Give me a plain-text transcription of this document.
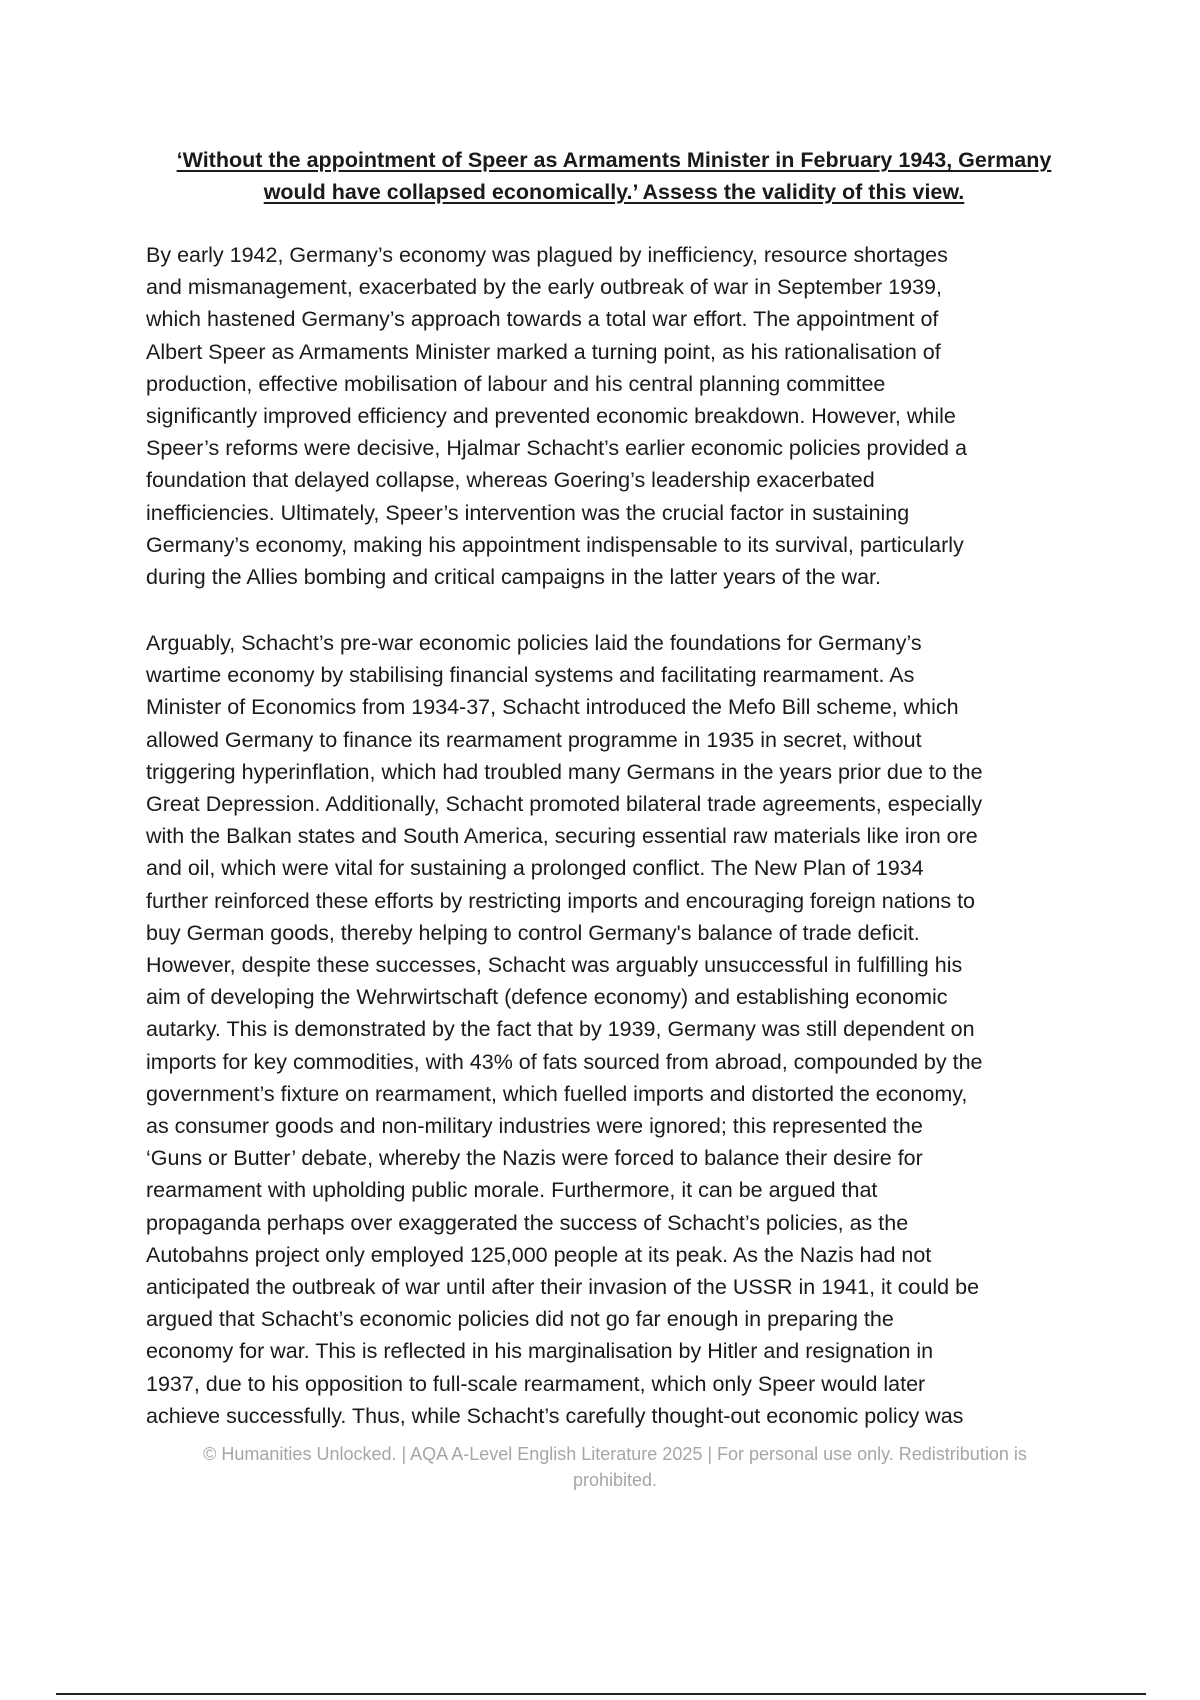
‘Without the appointment of Speer as Armaments Minister in February 1943, Germany
would have collapsed economically.’ Assess the validity of this view.

By early 1942, Germany’s economy was plagued by inefficiency, resource shortages
and mismanagement, exacerbated by the early outbreak of war in September 1939,
which hastened Germany’s approach towards a total war effort. The appointment of
Albert Speer as Armaments Minister marked a turning point, as his rationalisation of
production, effective mobilisation of labour and his central planning committee
significantly improved efficiency and prevented economic breakdown. However, while
Speer’s reforms were decisive, Hjalmar Schacht’s earlier economic policies provided a
foundation that delayed collapse, whereas Goering’s leadership exacerbated
inefficiencies. Ultimately, Speer’s intervention was the crucial factor in sustaining
Germany’s economy, making his appointment indispensable to its survival, particularly
during the Allies bombing and critical campaigns in the latter years of the war.

Arguably, Schacht’s pre-war economic policies laid the foundations for Germany’s
wartime economy by stabilising financial systems and facilitating rearmament. As
Minister of Economics from 1934-37, Schacht introduced the Mefo Bill scheme, which
allowed Germany to finance its rearmament programme in 1935 in secret, without
triggering hyperinflation, which had troubled many Germans in the years prior due to the
Great Depression. Additionally, Schacht promoted bilateral trade agreements, especially
with the Balkan states and South America, securing essential raw materials like iron ore
and oil, which were vital for sustaining a prolonged conflict. The New Plan of 1934
further reinforced these efforts by restricting imports and encouraging foreign nations to
buy German goods, thereby helping to control Germany's balance of trade deficit.
However, despite these successes, Schacht was arguably unsuccessful in fulfilling his
aim of developing the Wehrwirtschaft (defence economy) and establishing economic
autarky. This is demonstrated by the fact that by 1939, Germany was still dependent on
imports for key commodities, with 43% of fats sourced from abroad, compounded by the
government’s fixture on rearmament, which fuelled imports and distorted the economy,
as consumer goods and non-military industries were ignored; this represented the
‘Guns or Butter’ debate, whereby the Nazis were forced to balance their desire for
rearmament with upholding public morale. Furthermore, it can be argued that
propaganda perhaps over exaggerated the success of Schacht’s policies, as the
Autobahns project only employed 125,000 people at its peak. As the Nazis had not
anticipated the outbreak of war until after their invasion of the USSR in 1941, it could be
argued that Schacht’s economic policies did not go far enough in preparing the
economy for war. This is reflected in his marginalisation by Hitler and resignation in
1937, due to his opposition to full-scale rearmament, which only Speer would later
achieve successfully. Thus, while Schacht’s carefully thought-out economic policy was

© Humanities Unlocked. | AQA A-Level English Literature 2025 | For personal use only. Redistribution is
prohibited.
